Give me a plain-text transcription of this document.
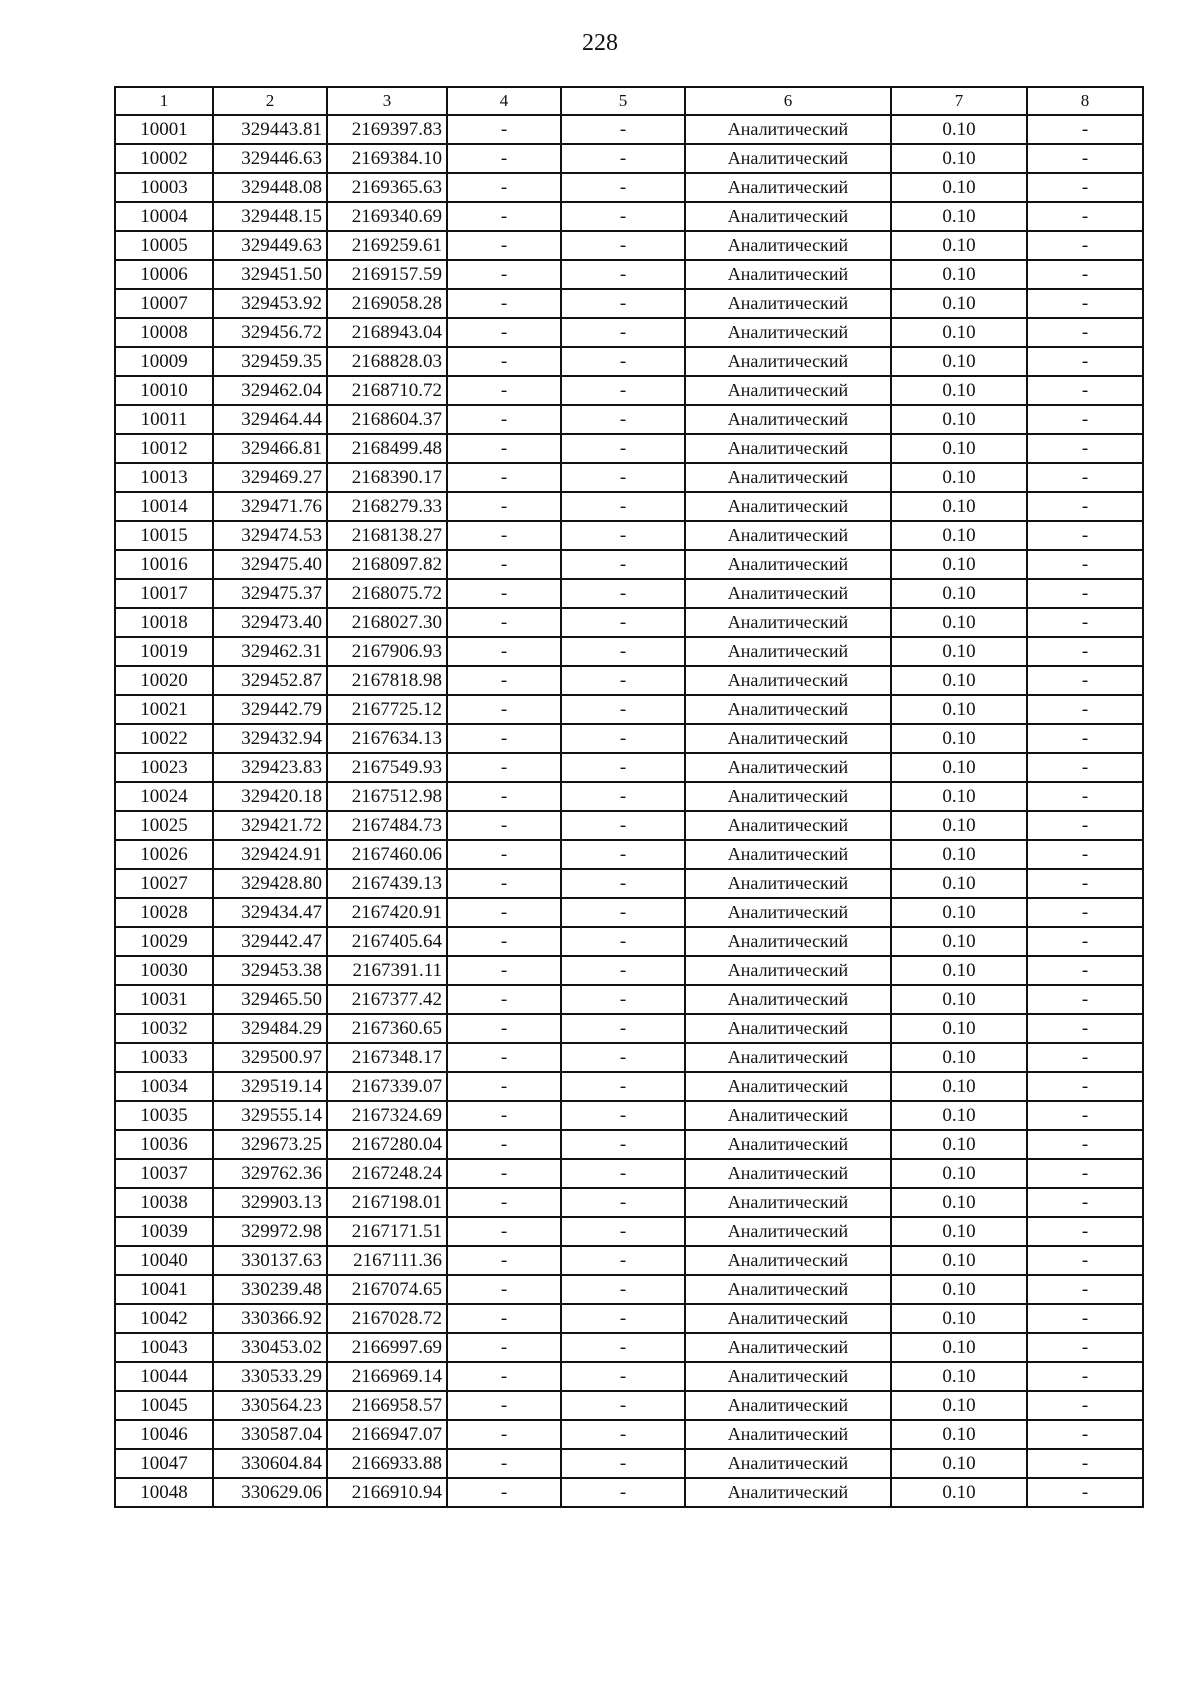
228
1	2	3	4	5	6	7	8
10001	329443.81	2169397.83	-	-	Аналитический	0.10	-
10002	329446.63	2169384.10	-	-	Аналитический	0.10	-
10003	329448.08	2169365.63	-	-	Аналитический	0.10	-
10004	329448.15	2169340.69	-	-	Аналитический	0.10	-
10005	329449.63	2169259.61	-	-	Аналитический	0.10	-
10006	329451.50	2169157.59	-	-	Аналитический	0.10	-
10007	329453.92	2169058.28	-	-	Аналитический	0.10	-
10008	329456.72	2168943.04	-	-	Аналитический	0.10	-
10009	329459.35	2168828.03	-	-	Аналитический	0.10	-
10010	329462.04	2168710.72	-	-	Аналитический	0.10	-
10011	329464.44	2168604.37	-	-	Аналитический	0.10	-
10012	329466.81	2168499.48	-	-	Аналитический	0.10	-
10013	329469.27	2168390.17	-	-	Аналитический	0.10	-
10014	329471.76	2168279.33	-	-	Аналитический	0.10	-
10015	329474.53	2168138.27	-	-	Аналитический	0.10	-
10016	329475.40	2168097.82	-	-	Аналитический	0.10	-
10017	329475.37	2168075.72	-	-	Аналитический	0.10	-
10018	329473.40	2168027.30	-	-	Аналитический	0.10	-
10019	329462.31	2167906.93	-	-	Аналитический	0.10	-
10020	329452.87	2167818.98	-	-	Аналитический	0.10	-
10021	329442.79	2167725.12	-	-	Аналитический	0.10	-
10022	329432.94	2167634.13	-	-	Аналитический	0.10	-
10023	329423.83	2167549.93	-	-	Аналитический	0.10	-
10024	329420.18	2167512.98	-	-	Аналитический	0.10	-
10025	329421.72	2167484.73	-	-	Аналитический	0.10	-
10026	329424.91	2167460.06	-	-	Аналитический	0.10	-
10027	329428.80	2167439.13	-	-	Аналитический	0.10	-
10028	329434.47	2167420.91	-	-	Аналитический	0.10	-
10029	329442.47	2167405.64	-	-	Аналитический	0.10	-
10030	329453.38	2167391.11	-	-	Аналитический	0.10	-
10031	329465.50	2167377.42	-	-	Аналитический	0.10	-
10032	329484.29	2167360.65	-	-	Аналитический	0.10	-
10033	329500.97	2167348.17	-	-	Аналитический	0.10	-
10034	329519.14	2167339.07	-	-	Аналитический	0.10	-
10035	329555.14	2167324.69	-	-	Аналитический	0.10	-
10036	329673.25	2167280.04	-	-	Аналитический	0.10	-
10037	329762.36	2167248.24	-	-	Аналитический	0.10	-
10038	329903.13	2167198.01	-	-	Аналитический	0.10	-
10039	329972.98	2167171.51	-	-	Аналитический	0.10	-
10040	330137.63	2167111.36	-	-	Аналитический	0.10	-
10041	330239.48	2167074.65	-	-	Аналитический	0.10	-
10042	330366.92	2167028.72	-	-	Аналитический	0.10	-
10043	330453.02	2166997.69	-	-	Аналитический	0.10	-
10044	330533.29	2166969.14	-	-	Аналитический	0.10	-
10045	330564.23	2166958.57	-	-	Аналитический	0.10	-
10046	330587.04	2166947.07	-	-	Аналитический	0.10	-
10047	330604.84	2166933.88	-	-	Аналитический	0.10	-
10048	330629.06	2166910.94	-	-	Аналитический	0.10	-
